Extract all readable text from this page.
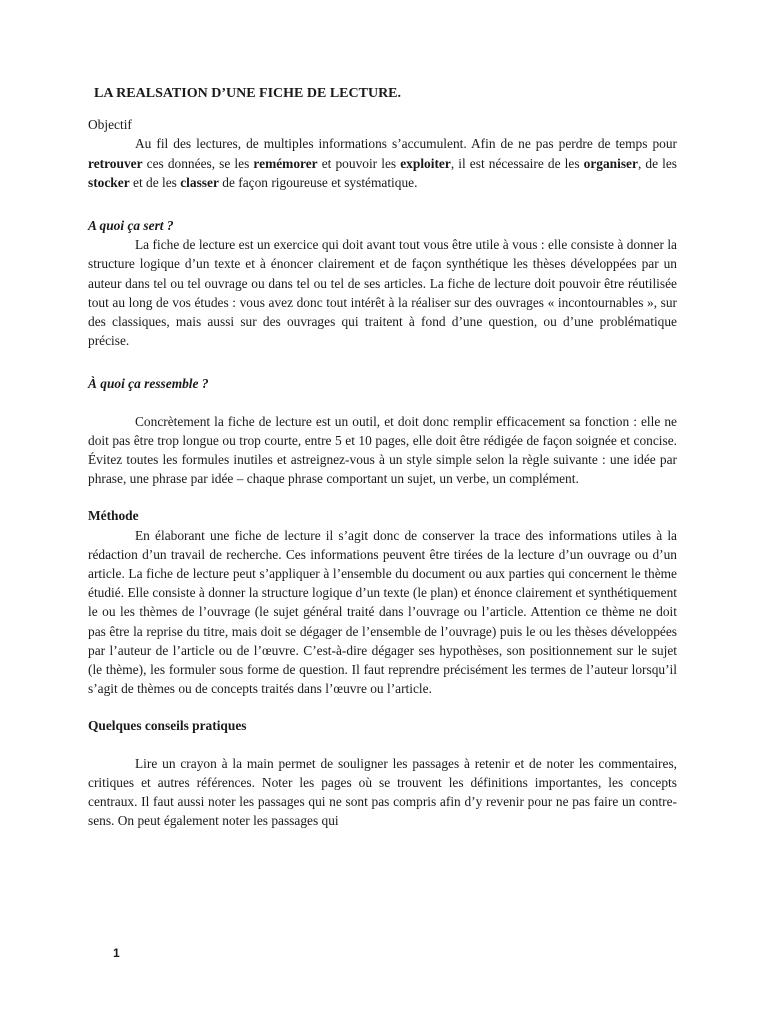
LA REALSATION D’UNE FICHE DE LECTURE.
Objectif

Au fil des lectures, de multiples informations s’accumulent. Afin de ne pas perdre de temps pour retrouver ces données, se les remémorer et pouvoir les exploiter, il est nécessaire de les organiser, de les stocker et de les classer de façon rigoureuse et systématique.

A quoi ça sert ?

La fiche de lecture est un exercice qui doit avant tout vous être utile à vous : elle consiste à donner la structure logique d’un texte et à énoncer clairement et de façon synthétique les thèses développées par un auteur dans tel ou tel ouvrage ou dans tel ou tel de ses articles. La fiche de lecture doit pouvoir être réutilisée tout au long de vos études : vous avez donc tout intérêt à la réaliser sur des ouvrages « incontournables », sur des classiques, mais aussi sur des ouvrages qui traitent à fond d’une question, ou d’une problématique précise.

À quoi ça ressemble ?

Concrètement la fiche de lecture est un outil, et doit donc remplir efficacement sa fonction : elle ne doit pas être trop longue ou trop courte, entre 5 et 10 pages, elle doit être rédigée de façon soignée et concise. Évitez toutes les formules inutiles et astreignez-vous à un style simple selon la règle suivante : une idée par phrase, une phrase par idée – chaque phrase comportant un sujet, un verbe, un complément.

Méthode

En élaborant une fiche de lecture il s’agit donc de conserver la trace des informations utiles à la rédaction d’un travail de recherche. Ces informations peuvent être tirées de la lecture d’un ouvrage ou d’un article. La fiche de lecture peut s’appliquer à l’ensemble du document ou aux parties qui concernent le thème étudié. Elle consiste à donner la structure logique d’un texte (le plan) et énonce clairement et synthétiquement le ou les thèmes de l’ouvrage (le sujet général traité dans l’ouvrage ou l’article. Attention ce thème ne doit pas être la reprise du titre, mais doit se dégager de l’ensemble de l’ouvrage) puis le ou les thèses développées par l’auteur de l’article ou de l’œuvre. C’est-à-dire dégager ses hypothèses, son positionnement sur le sujet (le thème), les formuler sous forme de question. Il faut reprendre précisément les termes de l’auteur lorsqu’il s’agit de thèmes ou de concepts traités dans l’œuvre ou l’article.

Quelques conseils pratiques

Lire un crayon à la main permet de souligner les passages à retenir et de noter les commentaires, critiques et autres références. Noter les pages où se trouvent les définitions importantes, les concepts centraux. Il faut aussi noter les passages qui ne sont pas compris afin d’y revenir pour ne pas faire un contre-sens. On peut également noter les passages qui

1
